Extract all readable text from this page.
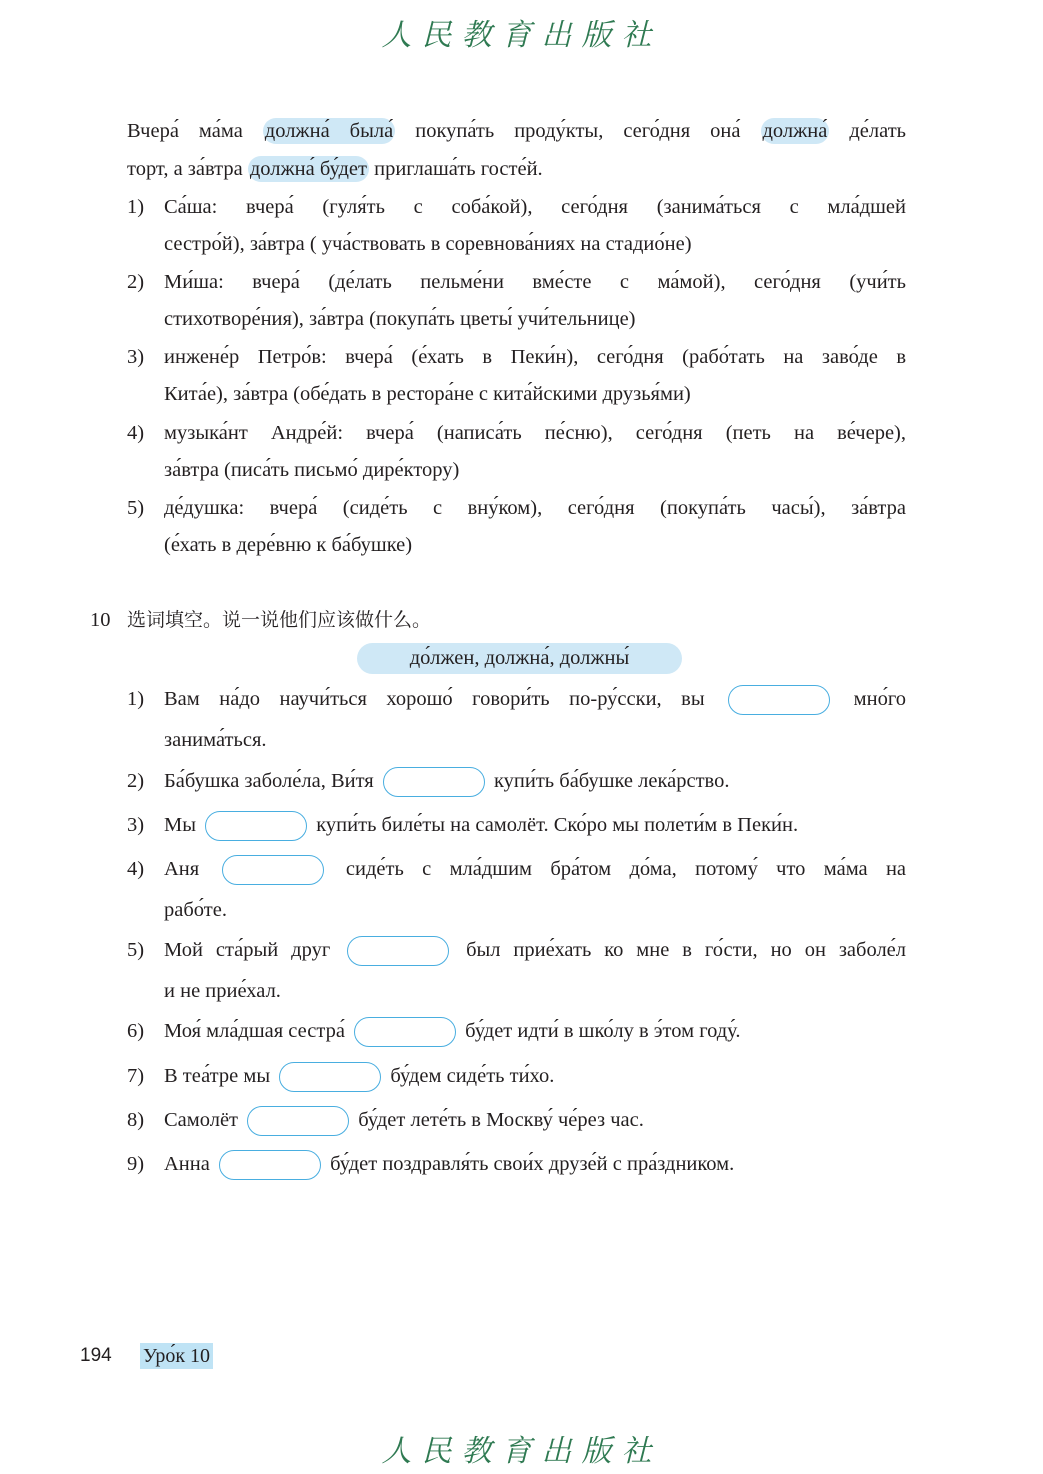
人民教育出版社
Вчера́ ма́ма должна́ была́ покупа́ть проду́кты, сего́дня она́ должна́ де́лать
торт, а за́втра должна́ бу́дет приглаша́ть госте́й.
1) Са́ша: вчера́ (гуля́ть с соба́кой), сего́дня (занима́ться с мла́дшей
сестро́й), за́втра ( уча́ствовать в соревнова́ниях на стадио́не)
2) Ми́ша: вчера́ (де́лать пельме́ни вме́сте с ма́мой), сего́дня (учи́ть
стихотворе́ния), за́втра (покупа́ть цветы́ учи́тельнице)
3) инжене́р Петро́в: вчера́ (е́хать в Пеки́н), сего́дня (рабо́тать на заво́де в
Кита́е), за́втра (обе́дать в рестора́не с кита́йскими друзья́ми)
4) музыка́нт Андре́й: вчера́ (написа́ть пе́сню), сего́дня (петь на ве́чере),
за́втра (писа́ть письмо́ дире́ктору)
5) де́душка: вчера́ (сиде́ть с вну́ком), сего́дня (покупа́ть часы́), за́втра
(е́хать в дере́вню к ба́бушке)
10 选词填空。说一说他们应该做什么。
до́лжен, должна́, должны́
1) Вам на́до научи́ться хорошо́ говори́ть по-ру́сски, вы	мно́го
занима́ться.
2) Ба́бушка заболе́ла, Ви́тя	купи́ть ба́бушке лека́рство.
3) Мы	купи́ть биле́ты на самолёт. Ско́ро мы полети́м в Пеки́н.
4) Аня	сиде́ть с мла́дшим бра́том до́ма, потому́ что ма́ма на
рабо́те.
5) Мой ста́рый друг	был прие́хать ко мне в го́сти, но он заболе́л
и не прие́хал.
6) Моя́ мла́дшая сестра́	бу́дет идти́ в шко́лу в э́том году́.
7) В теа́тре мы	бу́дем сиде́ть ти́хо.
8) Самолёт	бу́дет лете́ть в Москву́ че́рез час.
9) Анна	бу́дет поздравля́ть свои́х друзе́й с пра́здником.
194 Уро́к 10
人民教育出版社
